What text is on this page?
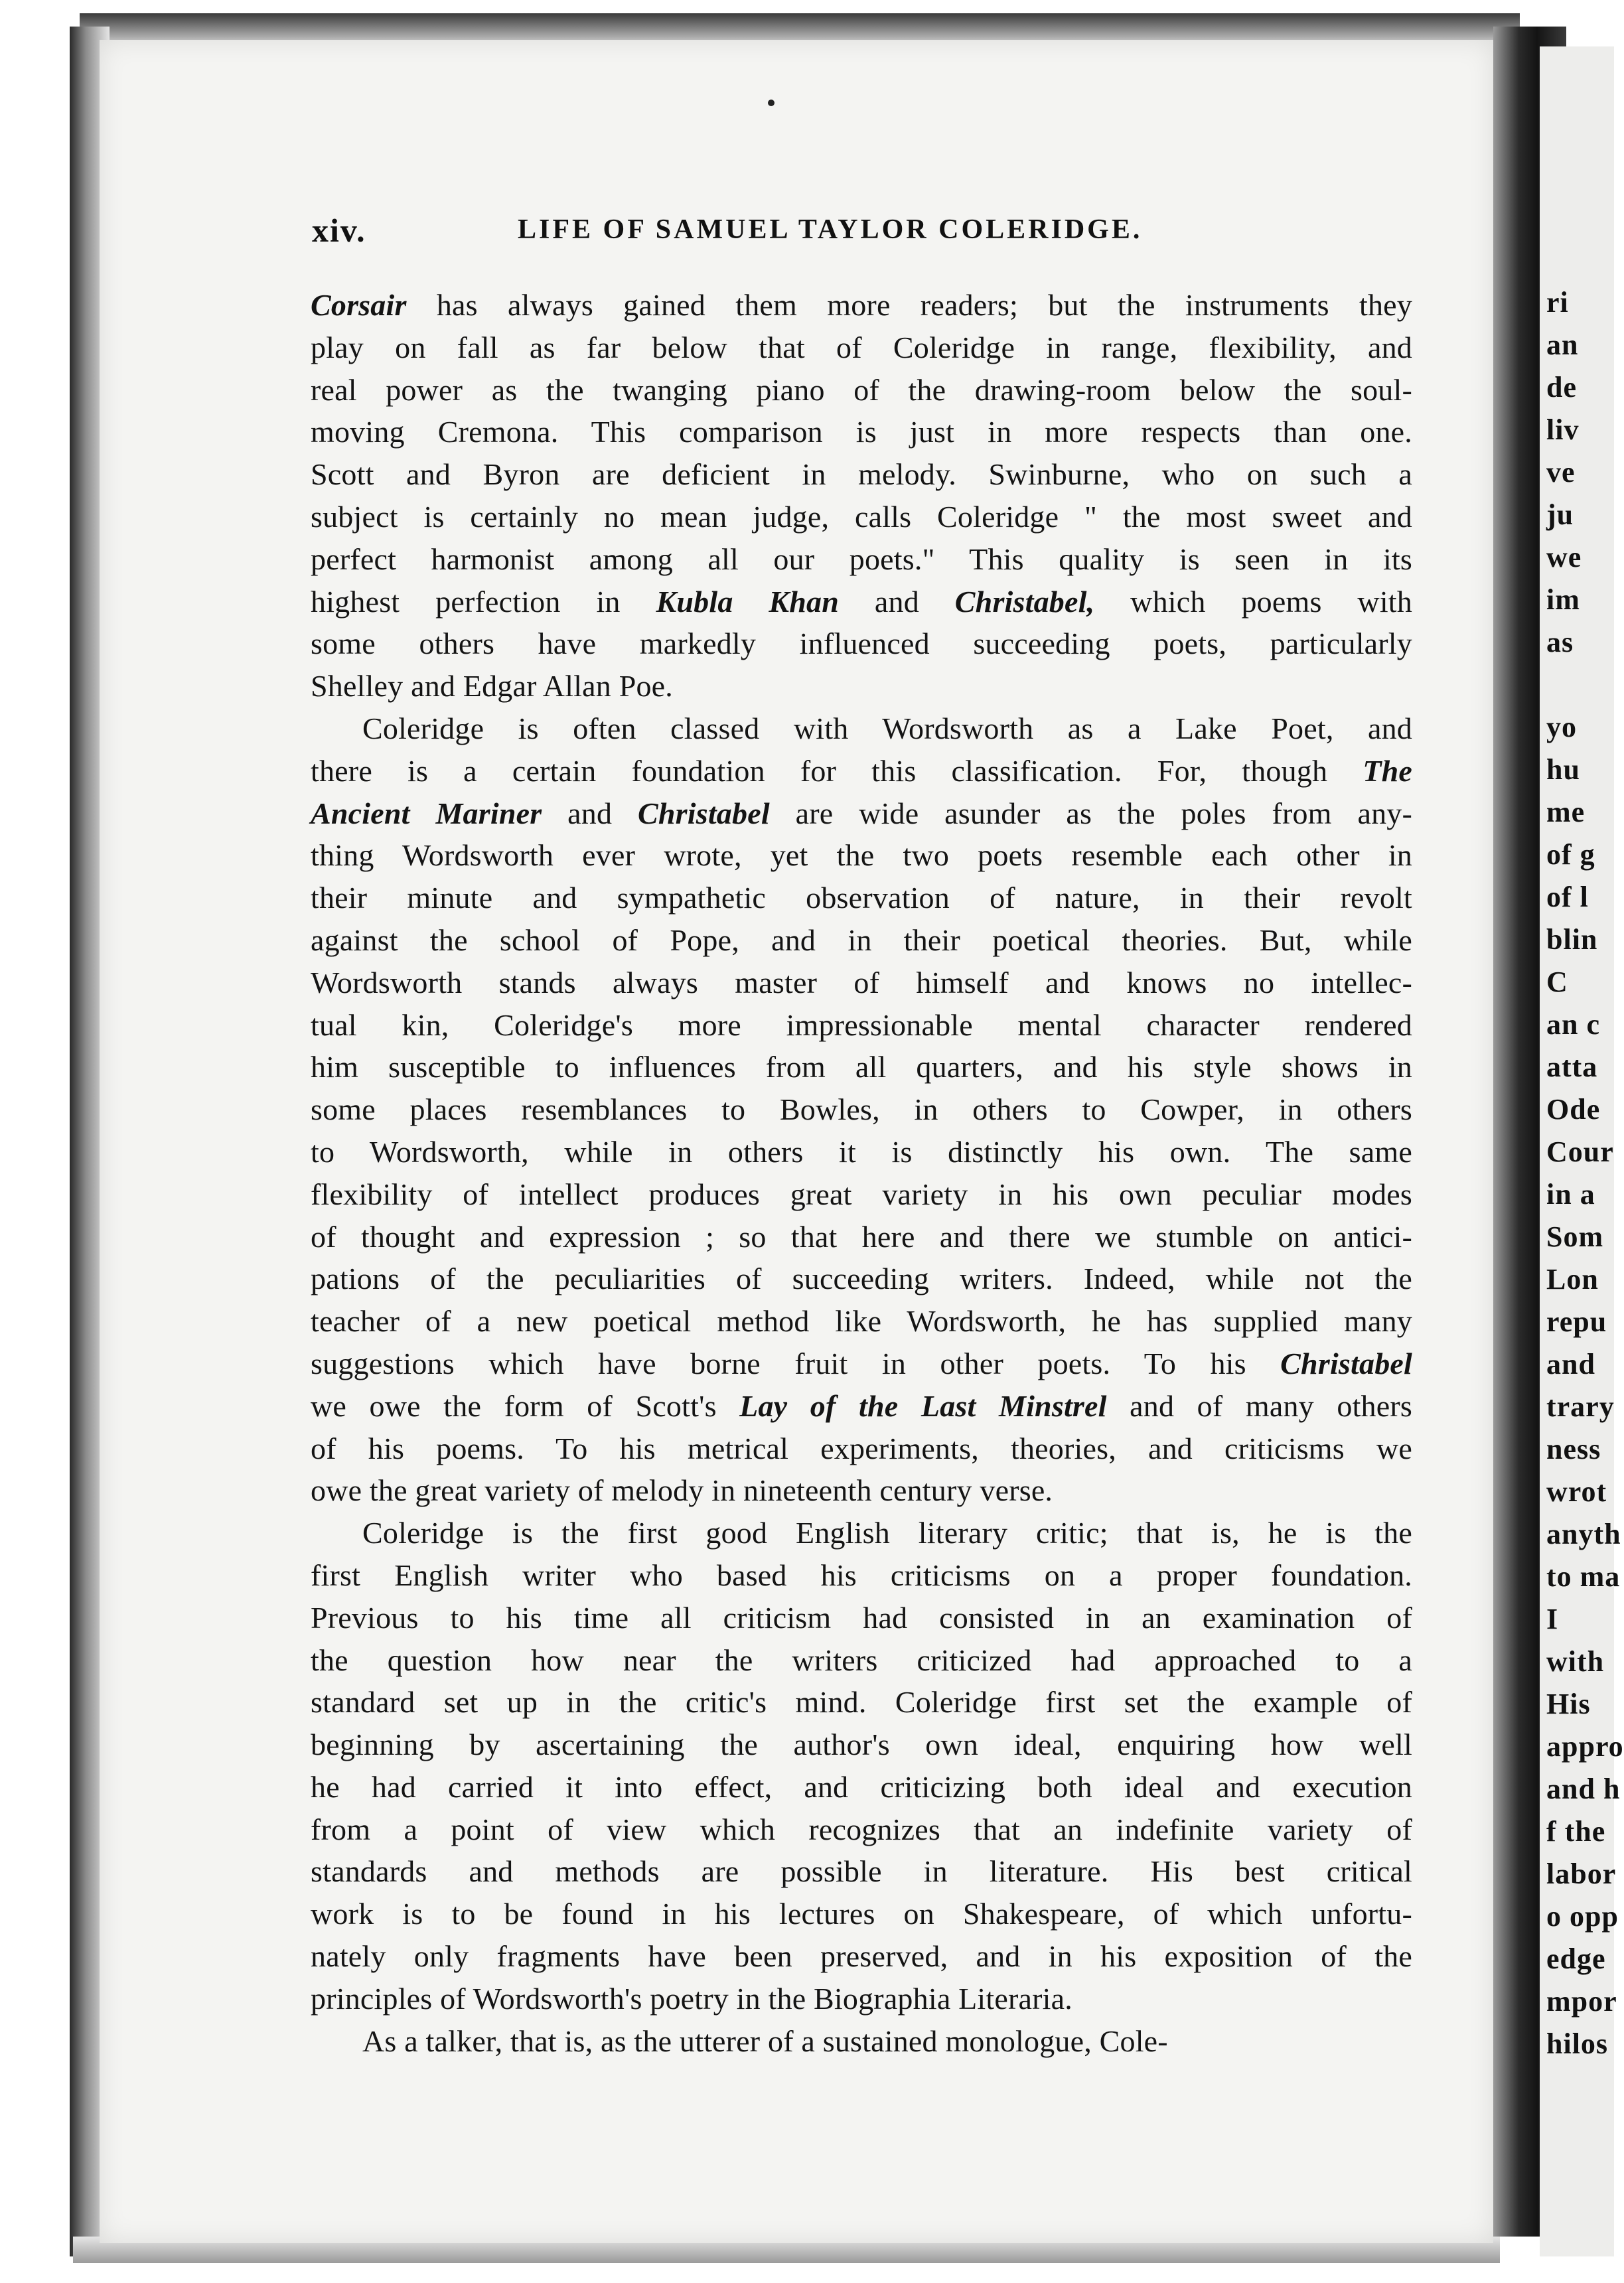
ri
an
de
liv
ve
ju
we
im
as
yo
hu
me
of g
of l
blin
C
an c
atta
Ode
Cour
in a
Som
Lon
repu
and
trary
ness
wrot
anyth
to ma
I
with
His
appro
and h
f the
labor
o opp
edge
mpor
hilos
xiv.	LIFE OF SAMUEL TAYLOR COLERIDGE.
Corsair has always gained them more readers; but the instruments they
play on fall as far below that of Coleridge in range, flexibility, and
real power as the twanging piano of the drawing-room below the soul-
moving Cremona. This comparison is just in more respects than one.
Scott and Byron are deficient in melody. Swinburne, who on such a
subject is certainly no mean judge, calls Coleridge " the most sweet and
perfect harmonist among all our poets." This quality is seen in its
highest perfection in Kubla Khan and Christabel, which poems with
some others have markedly influenced succeeding poets, particularly
Shelley and Edgar Allan Poe.
Coleridge is often classed with Wordsworth as a Lake Poet, and
there is a certain foundation for this classification. For, though The
Ancient Mariner and Christabel are wide asunder as the poles from any-
thing Wordsworth ever wrote, yet the two poets resemble each other in
their minute and sympathetic observation of nature, in their revolt
against the school of Pope, and in their poetical theories. But, while
Wordsworth stands always master of himself and knows no intellec-
tual kin, Coleridge's more impressionable mental character rendered
him susceptible to influences from all quarters, and his style shows in
some places resemblances to Bowles, in others to Cowper, in others
to Wordsworth, while in others it is distinctly his own. The same
flexibility of intellect produces great variety in his own peculiar modes
of thought and expression ; so that here and there we stumble on antici-
pations of the peculiarities of succeeding writers. Indeed, while not the
teacher of a new poetical method like Wordsworth, he has supplied many
suggestions which have borne fruit in other poets. To his Christabel
we owe the form of Scott's Lay of the Last Minstrel and of many others
of his poems. To his metrical experiments, theories, and criticisms we
owe the great variety of melody in nineteenth century verse.
Coleridge is the first good English literary critic; that is, he is the
first English writer who based his criticisms on a proper foundation.
Previous to his time all criticism had consisted in an examination of
the question how near the writers criticized had approached to a
standard set up in the critic's mind. Coleridge first set the example of
beginning by ascertaining the author's own ideal, enquiring how well
he had carried it into effect, and criticizing both ideal and execution
from a point of view which recognizes that an indefinite variety of
standards and methods are possible in literature. His best critical
work is to be found in his lectures on Shakespeare, of which unfortu-
nately only fragments have been preserved, and in his exposition of the
principles of Wordsworth's poetry in the Biographia Literaria.
As a talker, that is, as the utterer of a sustained monologue, Cole-
